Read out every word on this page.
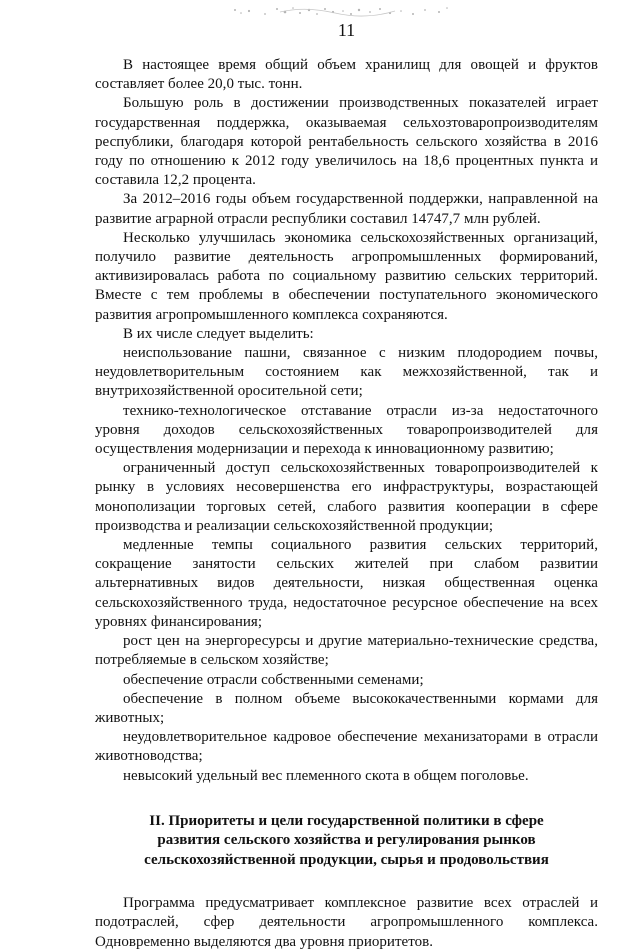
11

В настоящее время общий объем хранилищ для овощей и фруктов составляет более 20,0 тыс. тонн.

Большую роль в достижении производственных показателей играет государственная поддержка, оказываемая сельхозтоваропроизводителям республики, благодаря которой рентабельность сельского хозяйства в 2016 году по отношению к 2012 году увеличилось на 18,6 процентных пункта и составила 12,2 процента.

За 2012–2016 годы объем государственной поддержки, направленной на развитие аграрной отрасли республики составил 14747,7 млн рублей.

Несколько улучшилась экономика сельскохозяйственных организаций, получило развитие деятельность агропромышленных формирований, активизировалась работа по социальному развитию сельских территорий. Вместе с тем проблемы в обеспечении поступательного экономического развития агропромышленного комплекса сохраняются.

В их числе следует выделить:

неиспользование пашни, связанное с низким плодородием почвы, неудовлетворительным состоянием как межхозяйственной, так и внутрихозяйственной оросительной сети;

технико-технологическое отставание отрасли из-за недостаточного уровня доходов сельскохозяйственных товаропроизводителей для осуществления модернизации и перехода к инновационному развитию;

ограниченный доступ сельскохозяйственных товаропроизводителей к рынку в условиях несовершенства его инфраструктуры, возрастающей монополизации торговых сетей, слабого развития кооперации в сфере производства и реализации сельскохозяйственной продукции;

медленные темпы социального развития сельских территорий, сокращение занятости сельских жителей при слабом развитии альтернативных видов деятельности, низкая общественная оценка сельскохозяйственного труда, недостаточное ресурсное обеспечение на всех уровнях финансирования;

рост цен на энергоресурсы и другие материально-технические средства, потребляемые в сельском хозяйстве;

обеспечение отрасли собственными семенами;

обеспечение в полном объеме высококачественными кормами для животных;

неудовлетворительное кадровое обеспечение механизаторами в отрасли животноводства;

невысокий удельный вес племенного скота в общем поголовье.

II. Приоритеты и цели государственной политики в сфере развития сельского хозяйства и регулирования рынков сельскохозяйственной продукции, сырья и продовольствия

Программа предусматривает комплексное развитие всех отраслей и подотраслей, сфер деятельности агропромышленного комплекса. Одновременно выделяются два уровня приоритетов.
